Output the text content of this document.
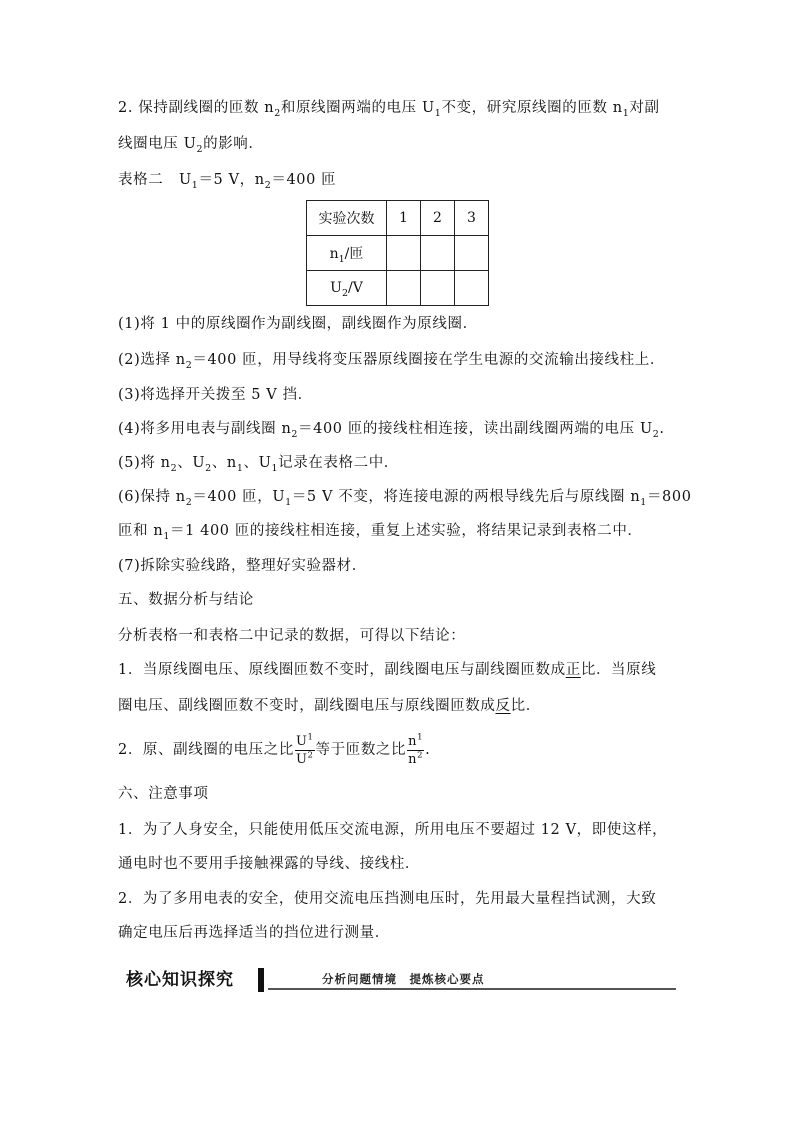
2. 保持副线圈的匝数 $n_2$和原线圈两端的电压 $U_1$不变，研究原线圈的匝数 $n_1$对副
线圈电压 $U_2$的影响．
表格二 $U_1=5$ V，$n_2=400$ 匝
实验次数	1	2	3
$n_1/$匝			
$U_2/V$			
(1)将 1 中的原线圈作为副线圈，副线圈作为原线圈．
(2)选择 $n_2=400$ 匝，用导线将变压器原线圈接在学生电源的交流输出接线柱上．
(3)将选择开关拨至 5 V 挡．
(4)将多用电表与副线圈 $n_2=400$ 匝的接线柱相连接，读出副线圈两端的电压 $U_2$.
(5)将 $n_2$、$U_2$、$n_1$、$U_1$记录在表格二中．
(6)保持 $n_2=400$ 匝，$U_1=5$ V 不变，将连接电源的两根导线先后与原线圈 $n_1=800$
匝和 $n_1=1$ 400 匝的接线柱相连接，重复上述实验，将结果记录到表格二中．
(7)拆除实验线路，整理好实验器材．
五、数据分析与结论
分析表格一和表格二中记录的数据，可得以下结论：
1．当原线圈电压、原线圈匝数不变时，副线圈电压与副线圈匝数成正比．当原线
圈电压、副线圈匝数不变时，副线圈电压与原线圈匝数成反比．
2．原、副线圈的电压之比 $\frac{U^1}{U^2}$ 等于匝数之比 $\frac{n^1}{n^2}$ .
六、注意事项
1．为了人身安全，只能使用低压交流电源，所用电压不要超过 12 V，即使这样，
通电时也不要用手接触裸露的导线、接线柱．
2．为了多用电表的安全，使用交流电压挡测电压时，先用最大量程挡试测，大致
确定电压后再选择适当的挡位进行测量．
核心知识探究	分析问题情境　提炼核心要点
